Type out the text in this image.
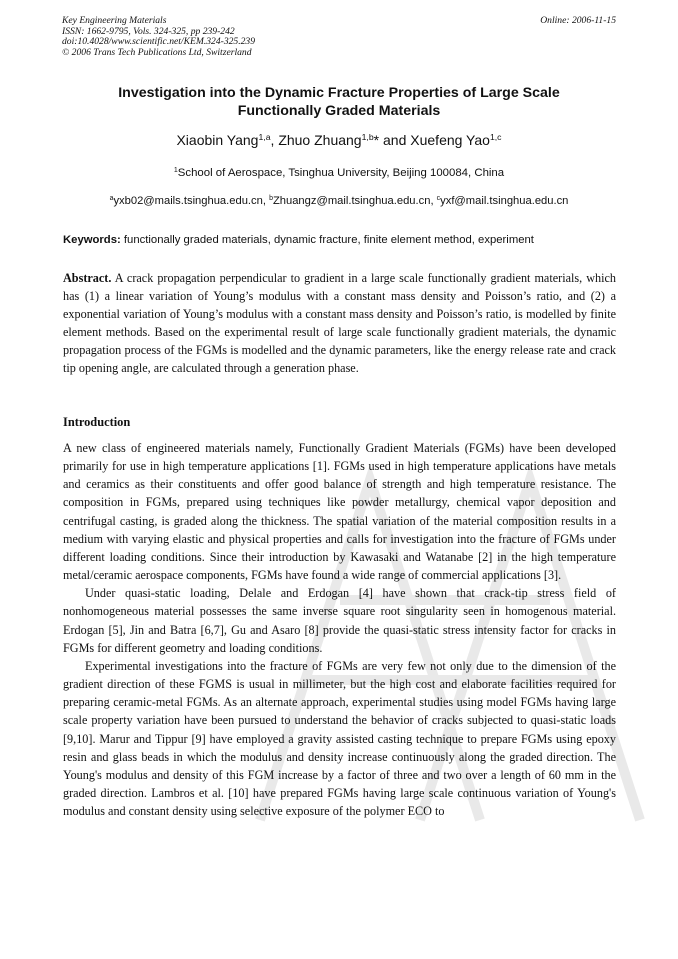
Key Engineering Materials
ISSN: 1662-9795, Vols. 324-325, pp 239-242
doi:10.4028/www.scientific.net/KEM.324-325.239
© 2006 Trans Tech Publications Ltd, Switzerland
Online: 2006-11-15
Investigation into the Dynamic Fracture Properties of Large Scale
Functionally Graded Materials
Xiaobin Yang$^{1,a}$, Zhuo Zhuang$^{1,b}$* and Xuefeng Yao$^{1,c}$
$^1$School of Aerospace, Tsinghua University, Beijing 100084, China
$^a$yxb02@mails.tsinghua.edu.cn, $^b$Zhuangz@mail.tsinghua.edu.cn, $^c$yxf@mail.tsinghua.edu.cn
Keywords: functionally graded materials, dynamic fracture, finite element method, experiment

Abstract. A crack propagation perpendicular to gradient in a large scale functionally gradient materials, which has (1) a linear variation of Young’s modulus with a constant mass density and Poisson’s ratio, and (2) a exponential variation of Young’s modulus with a constant mass density and Poisson’s ratio, is modelled by finite element methods. Based on the experimental result of large scale functionally gradient materials, the dynamic propagation process of the FGMs is modelled and the dynamic parameters, like the energy release rate and crack tip opening angle, are calculated through a generation phase.

Introduction

A new class of engineered materials namely, Functionally Gradient Materials (FGMs) have been developed primarily for use in high temperature applications [1]. FGMs used in high temperature applications have metals and ceramics as their constituents and offer good balance of strength and high temperature resistance. The composition in FGMs, prepared using techniques like powder metallurgy, chemical vapor deposition and centrifugal casting, is graded along the thickness. The spatial variation of the material composition results in a medium with varying elastic and physical properties and calls for investigation into the fracture of FGMs under different loading conditions. Since their introduction by Kawasaki and Watanabe [2] in the high temperature metal/ceramic aerospace components, FGMs have found a wide range of commercial applications [3].

Under quasi-static loading, Delale and Erdogan [4] have shown that crack-tip stress field of nonhomogeneous material possesses the same inverse square root singularity seen in homogenous material. Erdogan [5], Jin and Batra [6,7], Gu and Asaro [8] provide the quasi-static stress intensity factor for cracks in FGMs for different geometry and loading conditions.

Experimental investigations into the fracture of FGMs are very few not only due to the dimension of the gradient direction of these FGMS is usual in millimeter, but the high cost and elaborate facilities required for preparing ceramic-metal FGMs. As an alternate approach, experimental studies using model FGMs having large scale property variation have been pursued to understand the behavior of cracks subjected to quasi-static loads [9,10]. Marur and Tippur [9] have employed a gravity assisted casting technique to prepare FGMs using epoxy resin and glass beads in which the modulus and density increase continuously along the graded direction. The Young's modulus and density of this FGM increase by a factor of three and two over a length of 60 mm in the graded direction. Lambros et al. [10] have prepared FGMs having large scale continuous variation of Young's modulus and constant density using selective exposure of the polymer ECO to
